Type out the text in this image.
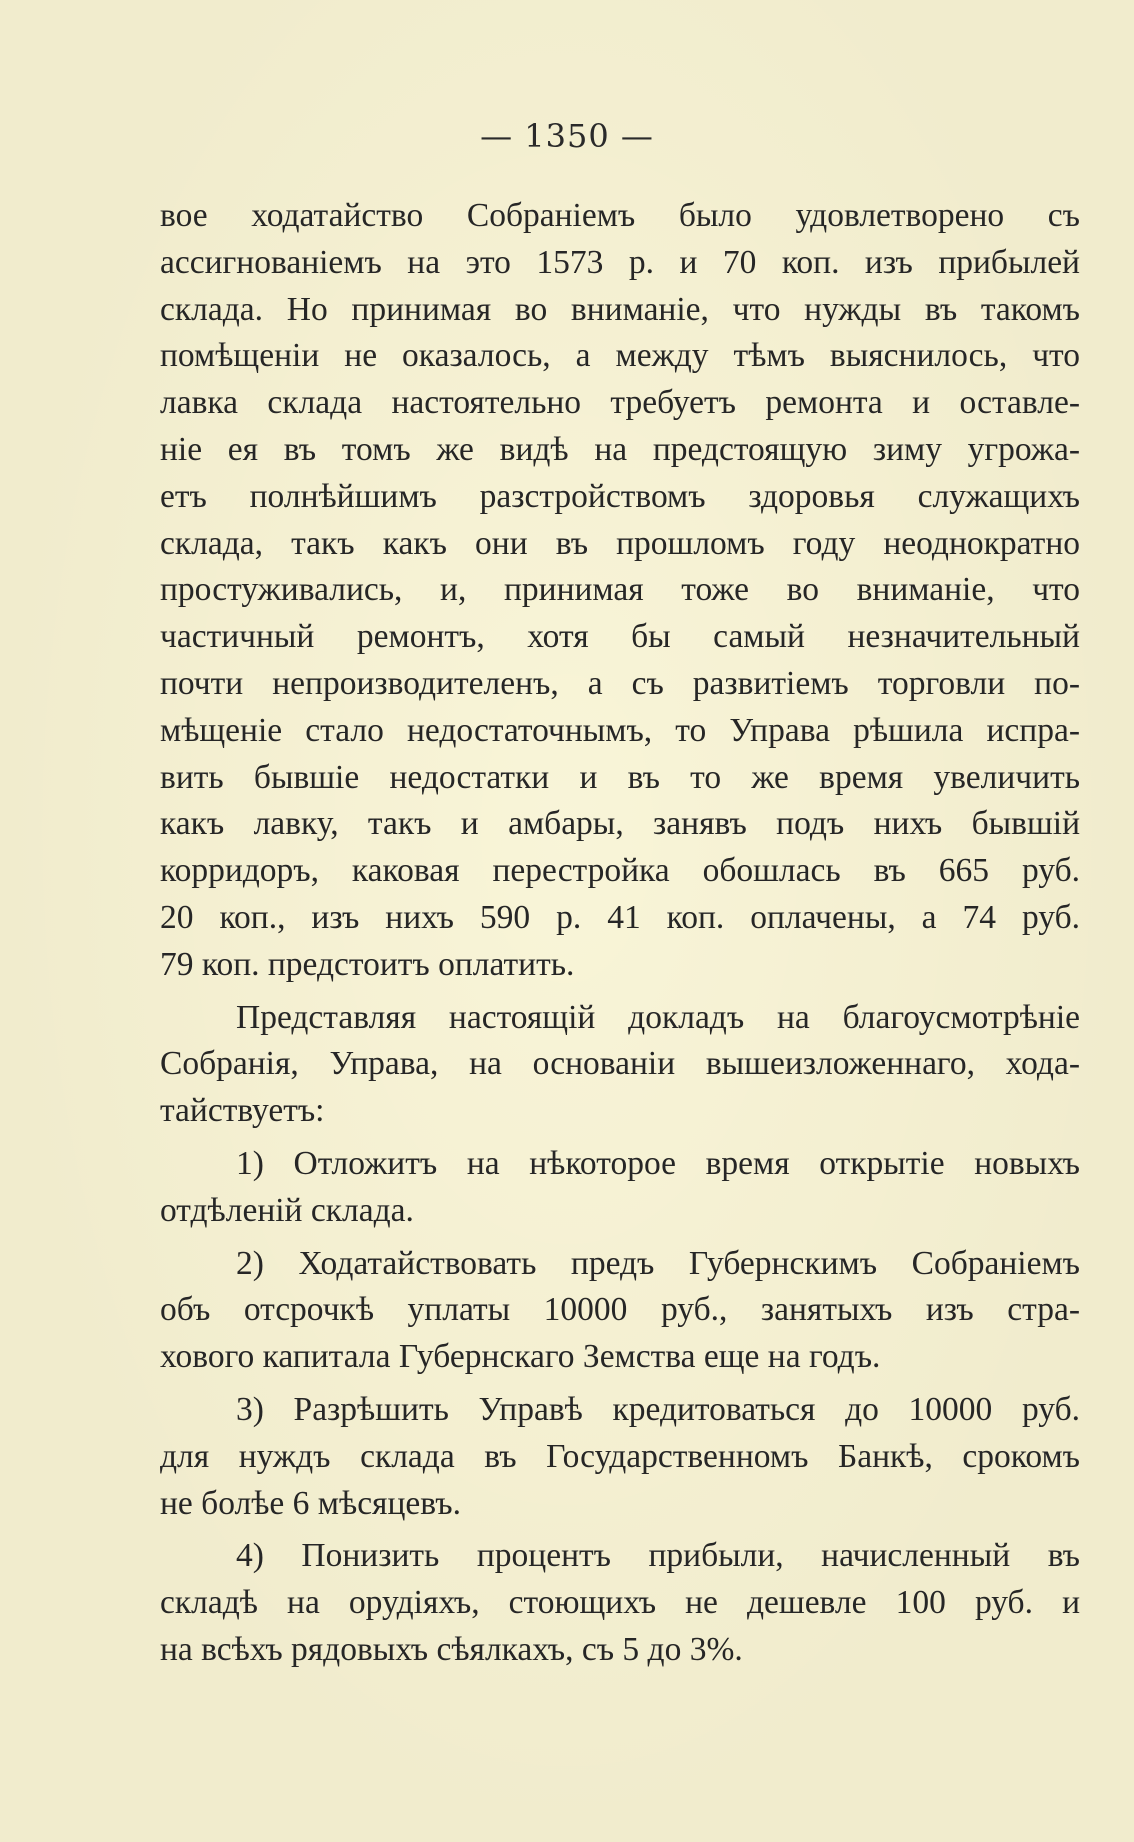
— 1350 —
вое ходатайство Собраніемъ было удовлетворено съ
ассигнованіемъ на это 1573 р. и 70 коп. изъ прибылей
склада. Но принимая во вниманіе, что нужды въ такомъ
помѣщеніи не оказалось, а между тѣмъ выяснилось, что
лавка склада настоятельно требуетъ ремонта и оставле-
ніе ея въ томъ же видѣ на предстоящую зиму угрожа-
етъ полнѣйшимъ разстройствомъ здоровья служащихъ
склада, такъ какъ они въ прошломъ году неоднократно
простуживались, и, принимая тоже во вниманіе, что
частичный ремонтъ, хотя бы самый незначительный
почти непроизводителенъ, а съ развитіемъ торговли по-
мѣщеніе стало недостаточнымъ, то Управа рѣшила испра-
вить бывшіе недостатки и въ то же время увеличить
какъ лавку, такъ и амбары, занявъ подъ нихъ бывшій
корридоръ, каковая перестройка обошлась въ 665 руб.
20 коп., изъ нихъ 590 р. 41 коп. оплачены, а 74 руб.
79 коп. предстоитъ оплатить.
Представляя настоящій докладъ на благоусмотрѣніе
Собранія, Управа, на основаніи вышеизложеннаго, хода-
тайствуетъ:
1) Отложитъ на нѣкоторое время открытіе новыхъ
отдѣленій склада.
2) Ходатайствовать предъ Губернскимъ Собраніемъ
объ отсрочкѣ уплаты 10000 руб., занятыхъ изъ стра-
хового капитала Губернскаго Земства еще на годъ.
3) Разрѣшить Управѣ кредитоваться до 10000 руб.
для нуждъ склада въ Государственномъ Банкѣ, срокомъ
не болѣе 6 мѣсяцевъ.
4) Понизить процентъ прибыли, начисленный въ
складѣ на орудіяхъ, стоющихъ не дешевле 100 руб. и
на всѣхъ рядовыхъ сѣялкахъ, съ 5 до 3%.
